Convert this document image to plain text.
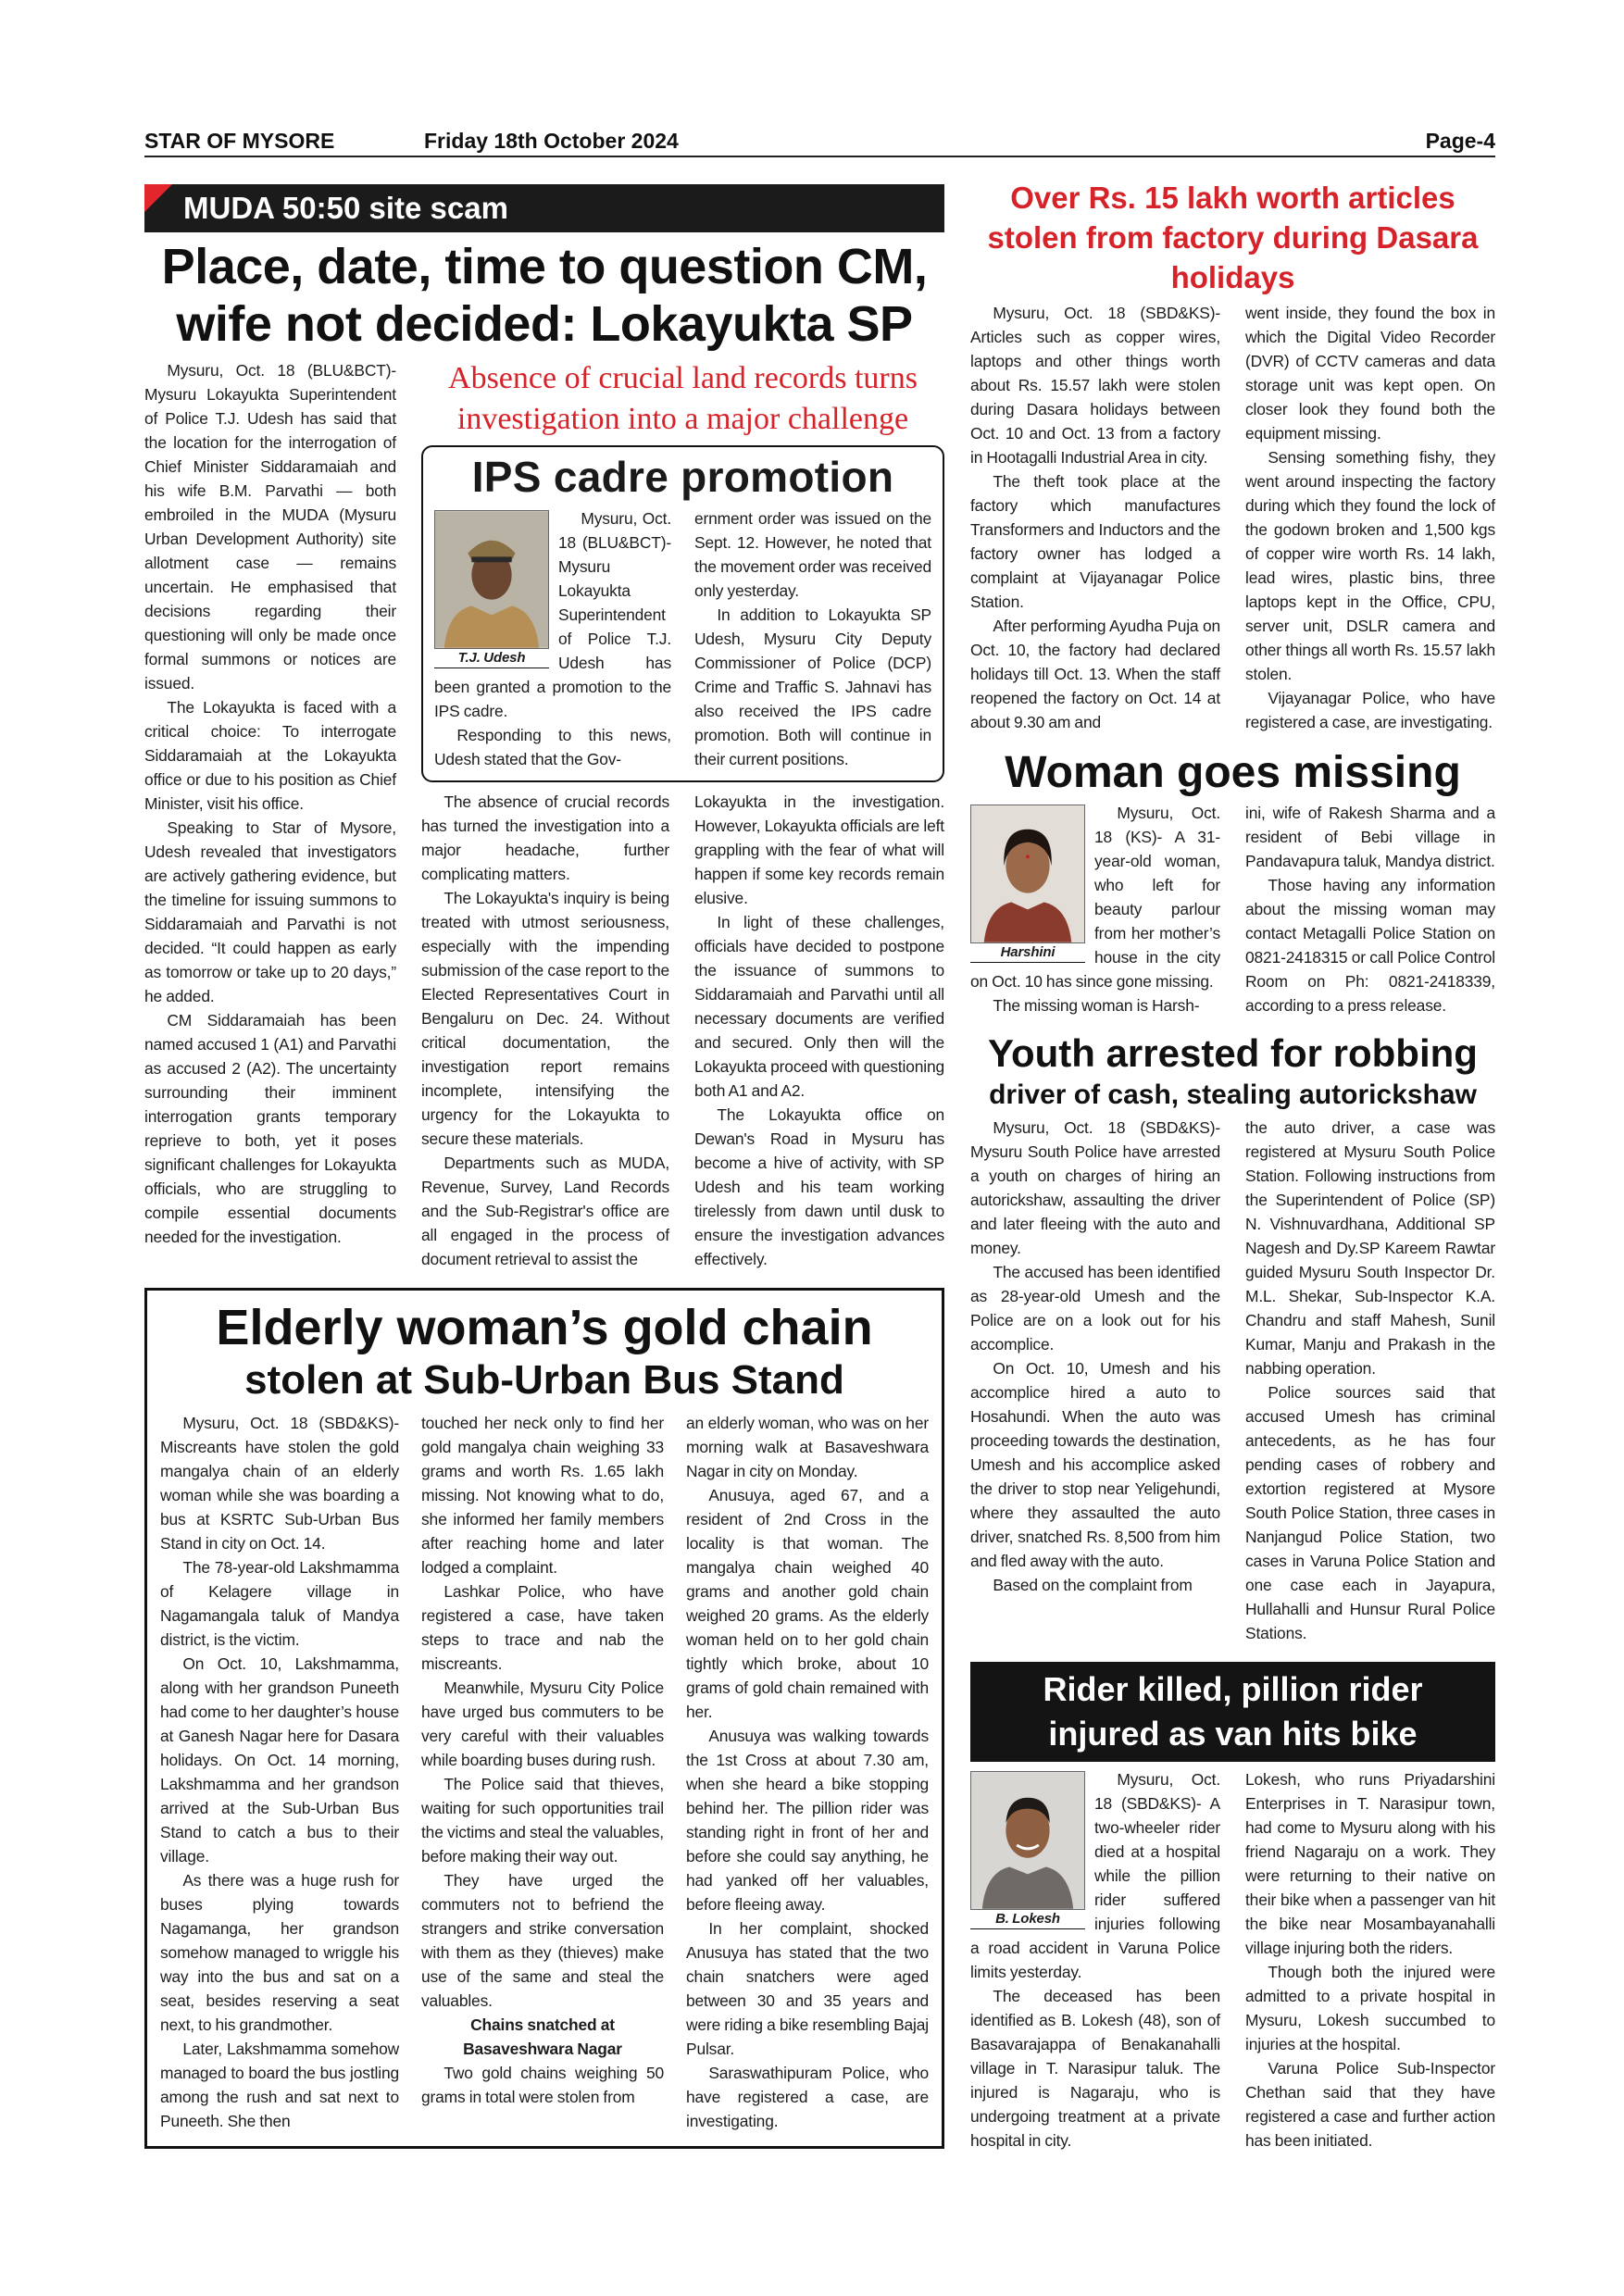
STAR OF MYSORE	Friday 18th October 2024	Page-4
MUDA 50:50 site scam
Place, date, time to question CM, wife not decided: Lokayukta SP

Mysuru, Oct. 18 (BLU&BCT)- Mysuru Lokayukta Superintendent of Police T.J. Udesh has said that the location for the interrogation of Chief Minister Siddaramaiah and his wife B.M. Parvathi — both embroiled in the MUDA (Mysuru Urban Development Authority) site allotment case — remains uncertain. He emphasised that decisions regarding their questioning will only be made once formal summons or notices are issued.

The Lokayukta is faced with a critical choice: To interrogate Siddaramaiah at the Lokayukta office or due to his position as Chief Minister, visit his office.

Speaking to Star of Mysore, Udesh revealed that investigators are actively gathering evidence, but the timeline for issuing summons to Siddaramaiah and Parvathi is not decided. “It could happen as early as tomorrow or take up to 20 days,” he added.

CM Siddaramaiah has been named accused 1 (A1) and Parvathi as accused 2 (A2). The uncertainty surrounding their imminent interrogation grants temporary reprieve to both, yet it poses significant challenges for Lokayukta officials, who are struggling to compile essential documents needed for the investigation.

Absence of crucial land records turns investigation into a major challenge
IPS cadre promotion
T.J. Udesh

Mysuru, Oct. 18 (BLU&BCT)- Mysuru Lokayukta Superintendent of Police T.J. Udesh has been granted a promotion to the IPS cadre.

Responding to this news, Udesh stated that the Gov-

ernment order was issued on the Sept. 12. However, he noted that the movement order was received only yesterday.

In addition to Lokayukta SP Udesh, Mysuru City Deputy Commissioner of Police (DCP) Crime and Traffic S. Jahnavi has also received the IPS cadre promotion. Both will continue in their current positions.

The absence of crucial records has turned the investigation into a major headache, further complicating matters.

The Lokayukta's inquiry is being treated with utmost seriousness, especially with the impending submission of the case report to the Elected Representatives Court in Bengaluru on Dec. 24. Without critical documentation, the investigation report remains incomplete, intensifying the urgency for the Lokayukta to secure these materials.

Departments such as MUDA, Revenue, Survey, Land Records and the Sub-Registrar's office are all engaged in the process of document retrieval to assist the

Lokayukta in the investigation. However, Lokayukta officials are left grappling with the fear of what will happen if some key records remain elusive.

In light of these challenges, officials have decided to postpone the issuance of summons to Siddaramaiah and Parvathi until all necessary documents are verified and secured. Only then will the Lokayukta proceed with questioning both A1 and A2.

The Lokayukta office on Dewan's Road in Mysuru has become a hive of activity, with SP Udesh and his team working tirelessly from dawn until dusk to ensure the investigation advances effectively.

Elderly woman’s gold chain
stolen at Sub-Urban Bus Stand

Mysuru, Oct. 18 (SBD&KS)- Miscreants have stolen the gold mangalya chain of an elderly woman while she was boarding a bus at KSRTC Sub-Urban Bus Stand in city on Oct. 14.

The 78-year-old Lakshmamma of Kelagere village in Nagamangala taluk of Mandya district, is the victim.

On Oct. 10, Lakshmamma, along with her grandson Puneeth had come to her daughter’s house at Ganesh Nagar here for Dasara holidays. On Oct. 14 morning, Lakshmamma and her grandson arrived at the Sub-Urban Bus Stand to catch a bus to their village.

As there was a huge rush for buses plying towards Nagamanga, her grandson somehow managed to wriggle his way into the bus and sat on a seat, besides reserving a seat next, to his grandmother.

Later, Lakshmamma somehow managed to board the bus jostling among the rush and sat next to Puneeth. She then

touched her neck only to find her gold mangalya chain weighing 33 grams and worth Rs. 1.65 lakh missing. Not knowing what to do, she informed her family members after reaching home and later lodged a complaint.

Lashkar Police, who have registered a case, have taken steps to trace and nab the miscreants.

Meanwhile, Mysuru City Police have urged bus commuters to be very careful with their valuables while boarding buses during rush.

The Police said that thieves, waiting for such opportunities trail the victims and steal the valuables, before making their way out.

They have urged the commuters not to befriend the strangers and strike conversation with them as they (thieves) make use of the same and steal the valuables.

Chains snatched at Basaveshwara Nagar

Two gold chains weighing 50 grams in total were stolen from

an elderly woman, who was on her morning walk at Basaveshwara Nagar in city on Monday.

Anusuya, aged 67, and a resident of 2nd Cross in the locality is that woman. The mangalya chain weighed 40 grams and another gold chain weighed 20 grams. As the elderly woman held on to her gold chain tightly which broke, about 10 grams of gold chain remained with her.

Anusuya was walking towards the 1st Cross at about 7.30 am, when she heard a bike stopping behind her. The pillion rider was standing right in front of her and before she could say anything, he had yanked off her valuables, before fleeing away.

In her complaint, shocked Anusuya has stated that the two chain snatchers were aged between 30 and 35 years and were riding a bike resembling Bajaj Pulsar.

Saraswathipuram Police, who have registered a case, are investigating.

Over Rs. 15 lakh worth articles stolen from factory during Dasara holidays

Mysuru, Oct. 18 (SBD&KS)- Articles such as copper wires, laptops and other things worth about Rs. 15.57 lakh were stolen during Dasara holidays between Oct. 10 and Oct. 13 from a factory in Hootagalli Industrial Area in city.

The theft took place at the factory which manufactures Transformers and Inductors and the factory owner has lodged a complaint at Vijayanagar Police Station.

After performing Ayudha Puja on Oct. 10, the factory had declared holidays till Oct. 13. When the staff reopened the factory on Oct. 14 at about 9.30 am and

went inside, they found the box in which the Digital Video Recorder (DVR) of CCTV cameras and data storage unit was kept open. On closer look they found both the equipment missing.

Sensing something fishy, they went around inspecting the factory during which they found the lock of the godown broken and 1,500 kgs of copper wire worth Rs. 14 lakh, lead wires, plastic bins, three laptops kept in the Office, CPU, server unit, DSLR camera and other things all worth Rs. 15.57 lakh stolen.

Vijayanagar Police, who have registered a case, are investigating.

Woman goes missing
Harshini

Mysuru, Oct. 18 (KS)- A 31-year-old woman, who left for beauty parlour from her mother’s house in the city on Oct. 10 has since gone missing.

The missing woman is Harsh-

ini, wife of Rakesh Sharma and a resident of Bebi village in Pandavapura taluk, Mandya district.

Those having any information about the missing woman may contact Metagalli Police Station on 0821-2418315 or call Police Control Room on Ph: 0821-2418339, according to a press release.

Youth arrested for robbing
driver of cash, stealing autorickshaw

Mysuru, Oct. 18 (SBD&KS)- Mysuru South Police have arrested a youth on charges of hiring an autorickshaw, assaulting the driver and later fleeing with the auto and money.

The accused has been identified as 28-year-old Umesh and the Police are on a look out for his accomplice.

On Oct. 10, Umesh and his accomplice hired a auto to Hosahundi. When the auto was proceeding towards the destination, Umesh and his accomplice asked the driver to stop near Yeligehundi, where they assaulted the auto driver, snatched Rs. 8,500 from him and fled away with the auto.

Based on the complaint from

the auto driver, a case was registered at Mysuru South Police Station. Following instructions from the Superintendent of Police (SP) N. Vishnuvardhana, Additional SP Nagesh and Dy.SP Kareem Rawtar guided Mysuru South Inspector Dr. M.L. Shekar, Sub-Inspector K.A. Chandru and staff Mahesh, Sunil Kumar, Manju and Prakash in the nabbing operation.

Police sources said that accused Umesh has criminal antecedents, as he has four pending cases of robbery and extortion registered at Mysore South Police Station, three cases in Nanjangud Police Station, two cases in Varuna Police Station and one case each in Jayapura, Hullahalli and Hunsur Rural Police Stations.

Rider killed, pillion rider
injured as van hits bike
B. Lokesh

Mysuru, Oct. 18 (SBD&KS)- A two-wheeler rider died at a hospital while the pillion rider suffered injuries following a road accident in Varuna Police limits yesterday.

The deceased has been identified as B. Lokesh (48), son of Basavarajappa of Benakanahalli village in T. Narasipur taluk. The injured is Nagaraju, who is undergoing treatment at a private hospital in city.

Lokesh, who runs Priyadarshini Enterprises in T. Narasipur town, had come to Mysuru along with his friend Nagaraju on a work. They were returning to their native on their bike when a passenger van hit the bike near Mosambayanahalli village injuring both the riders.

Though both the injured were admitted to a private hospital in Mysuru, Lokesh succumbed to injuries at the hospital.

Varuna Police Sub-Inspector Chethan said that they have registered a case and further action has been initiated.
